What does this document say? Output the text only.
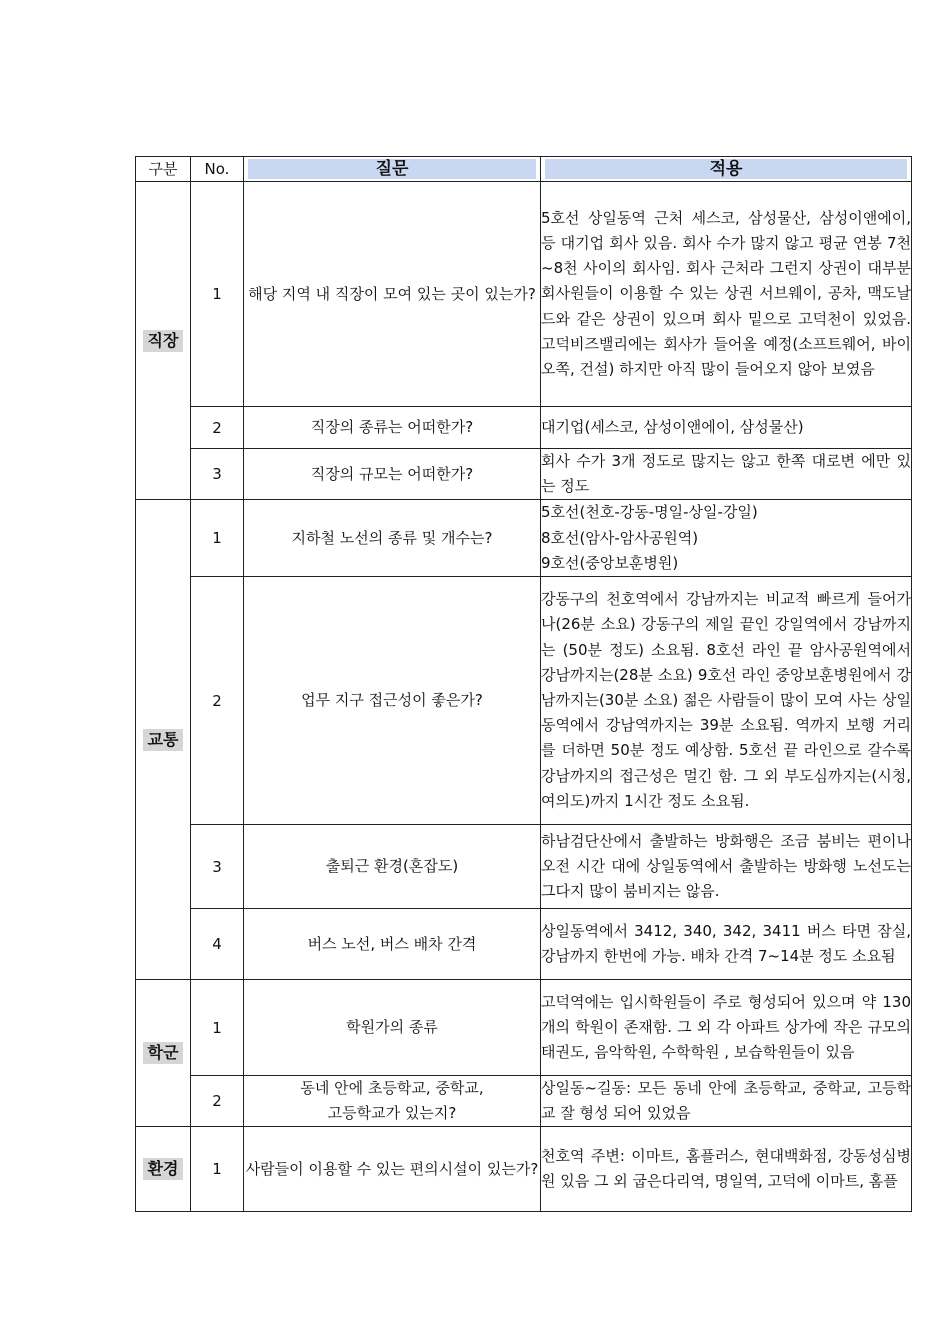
구분	No.	질문	적용

직장	1	해당 지역 내 직장이 모여 있는 곳이 있는가?	5호선 상일동역 근처 세스코, 삼성물산, 삼성이앤에이, 등 대기업 회사 있음. 회사 수가 많지 않고 평균 연봉 7천~8천 사이의 회사임. 회사 근처라 그런지 상권이 대부분 회사원들이 이용할 수 있는 상권 서브웨이, 공차, 맥도날드와 같은 상권이 있으며 회사 밑으로 고덕천이 있었음. 고덕비즈밸리에는 회사가 들어올 예정(소프트웨어, 바이오쪽, 건설) 하지만 아직 많이 들어오지 않아 보였음

	2	직장의 종류는 어떠한가?	대기업(세스코, 삼성이앤에이, 삼성물산)

	3	직장의 규모는 어떠한가?	회사 수가 3개 정도로 많지는 않고 한쪽 대로변 에만 있는 정도

교통	1	지하철 노선의 종류 및 개수는?	5호선(천호-강동-명일-상일-강일)
8호선(암사-암사공원역)
9호선(중앙보훈병원)

	2	업무 지구 접근성이 좋은가?	강동구의 천호역에서 강남까지는 비교적 빠르게 들어가나(26분 소요) 강동구의 제일 끝인 강일역에서 강남까지는 (50분 정도) 소요됨. 8호선 라인 끝 암사공원역에서 강남까지는(28분 소요) 9호선 라인 중앙보훈병원에서 강남까지는(30분 소요) 젊은 사람들이 많이 모여 사는 상일동역에서 강남역까지는 39분 소요됨. 역까지 보행 거리를 더하면 50분 정도 예상함. 5호선 끝 라인으로 갈수록 강남까지의 접근성은 멀긴 함. 그 외 부도심까지는(시청, 여의도)까지 1시간 정도 소요됨.

	3	출퇴근 환경(혼잡도)	하남검단산에서 출발하는 방화행은 조금 붐비는 편이나 오전 시간 대에 상일동역에서 출발하는 방화행 노선도는 그다지 많이 붐비지는 않음.

	4	버스 노선, 버스 배차 간격	상일동역에서 3412, 340, 342, 3411 버스 타면 잠실, 강남까지 한번에 가능. 배차 간격 7~14분 정도 소요됨

학군	1	학원가의 종류	고덕역에는 입시학원들이 주로 형성되어 있으며 약 130개의 학원이 존재함. 그 외 각 아파트 상가에 작은 규모의 태권도, 음악학원, 수학학원 , 보습학원들이 있음

	2	동네 안에 초등학교, 중학교,
고등학교가 있는지?	상일동~길동: 모든 동네 안에 초등학교, 중학교, 고등학교 잘 형성 되어 있었음

환경	1	사람들이 이용할 수 있는 편의시설이 있는가?	천호역 주변: 이마트, 홈플러스, 현대백화점, 강동성심병원 있음 그 외 굽은다리역, 명일역, 고덕에 이마트, 홈플
